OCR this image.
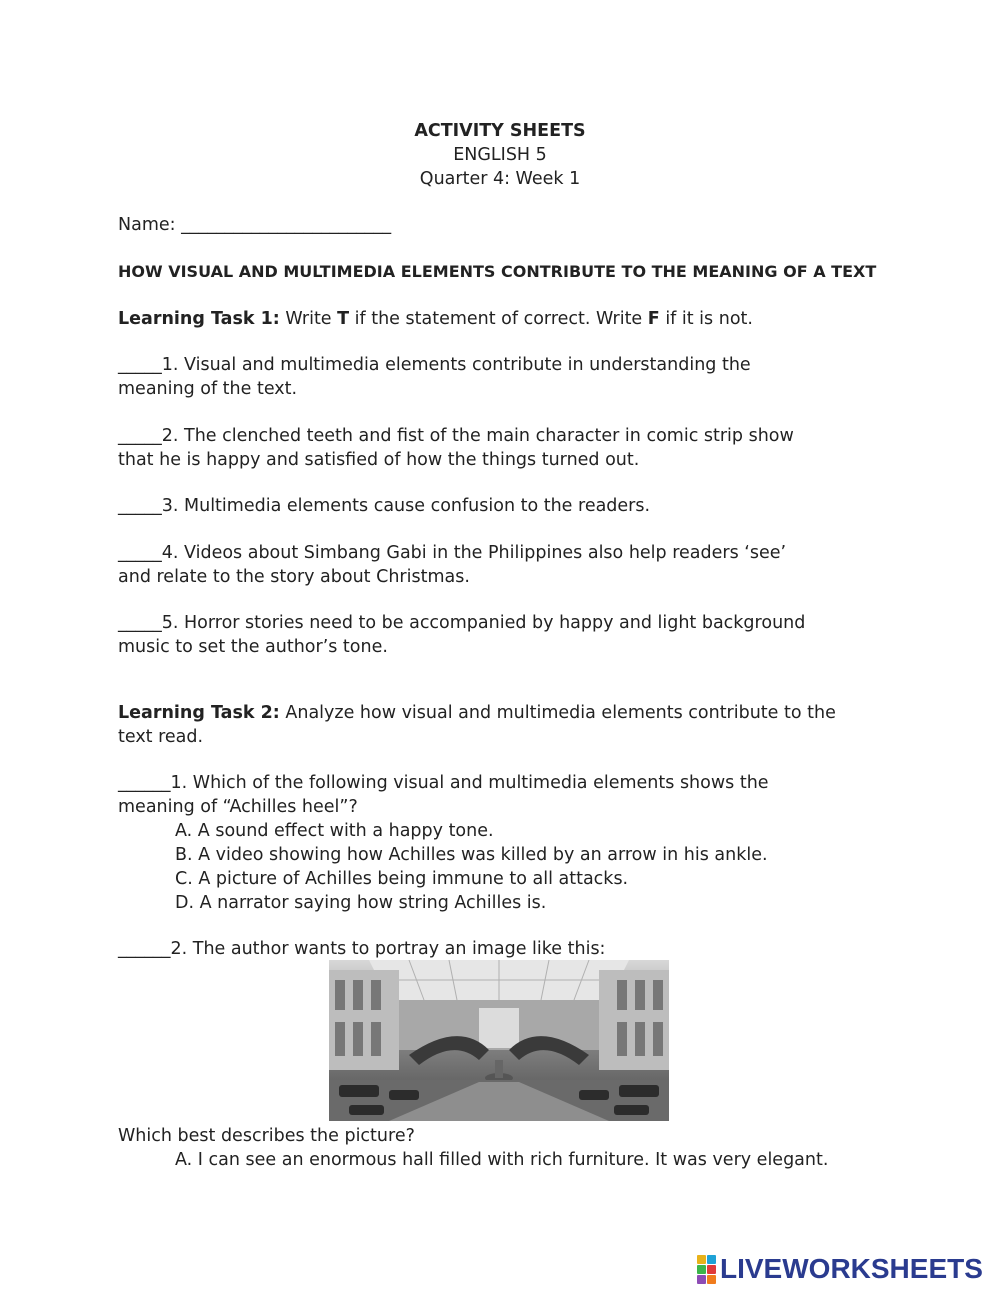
ACTIVITY SHEETS

ENGLISH 5

Quarter 4: Week 1

Name: ________________________

HOW VISUAL AND MULTIMEDIA ELEMENTS CONTRIBUTE TO THE MEANING OF A TEXT

Learning Task 1: Write T if the statement of correct. Write F if it is not.

_____1. Visual and multimedia elements contribute in understanding the

meaning of the text.

_____2. The clenched teeth and fist of the main character in comic strip show

that he is happy and satisfied of how the things turned out.

_____3. Multimedia elements cause confusion to the readers.

_____4. Videos about Simbang Gabi in the Philippines also help readers ‘see’

and relate to the story about Christmas.

_____5. Horror stories need to be accompanied by happy and light background

music to set the author’s tone.

Learning Task 2: Analyze how visual and multimedia elements contribute to the

text read.

______1. Which of the following visual and multimedia elements shows the

meaning of “Achilles heel”?

A. A sound effect with a happy tone.

B. A video showing how Achilles was killed by an arrow in his ankle.

C. A picture of Achilles being immune to all attacks.

D. A narrator saying how string Achilles is.

______2. The author wants to portray an image like this:

Which best describes the picture?

A. I can see an enormous hall filled with rich furniture. It was very elegant.

LIVEWORKSHEETS
